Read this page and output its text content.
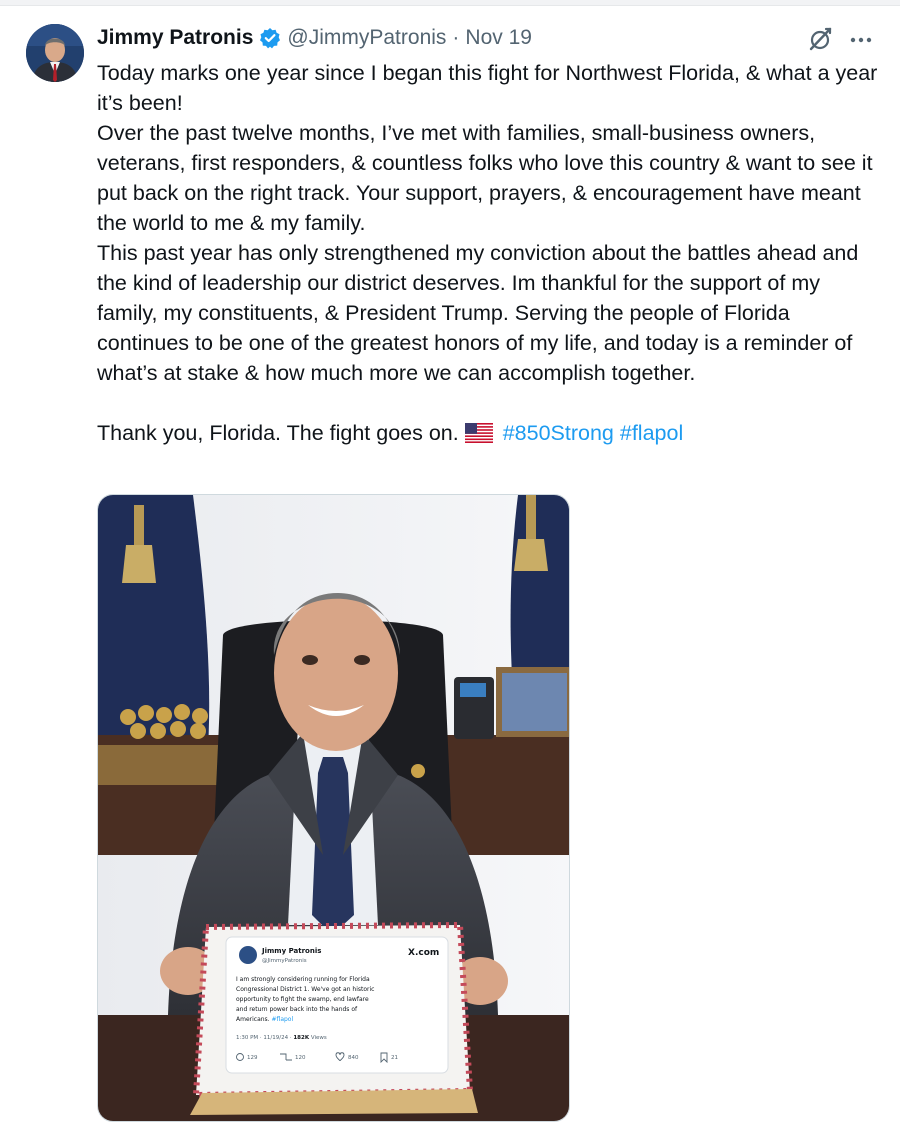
Jimmy Patronis @JimmyPatronis · Nov 19

Today marks one year since I began this fight for Northwest Florida, & what a year it’s been!

Over the past twelve months, I’ve met with families, small-business owners, veterans, first responders, & countless folks who love this country & want to see it put back on the right track. Your support, prayers, & encouragement have meant the world to me & my family.

This past year has only strengthened my conviction about the battles ahead and the kind of leadership our district deserves. Im thankful for the support of my family, my constituents, & President Trump. Serving the people of Florida continues to be one of the greatest honors of my life, and today is a reminder of what’s at stake & how much more we can accomplish together.

Thank you, Florida. The fight goes on. #850Strong #flapol

Jimmy Patronis
@JimmyPatronis
X.com
I am strongly considering running for Florida
Congressional District 1. We've got an historic
opportunity to fight the swamp, end lawfare
and return power back into the hands of
Americans. #flapol
1:30 PM · 11/19/24 · 182K Views
129	120	840	21
